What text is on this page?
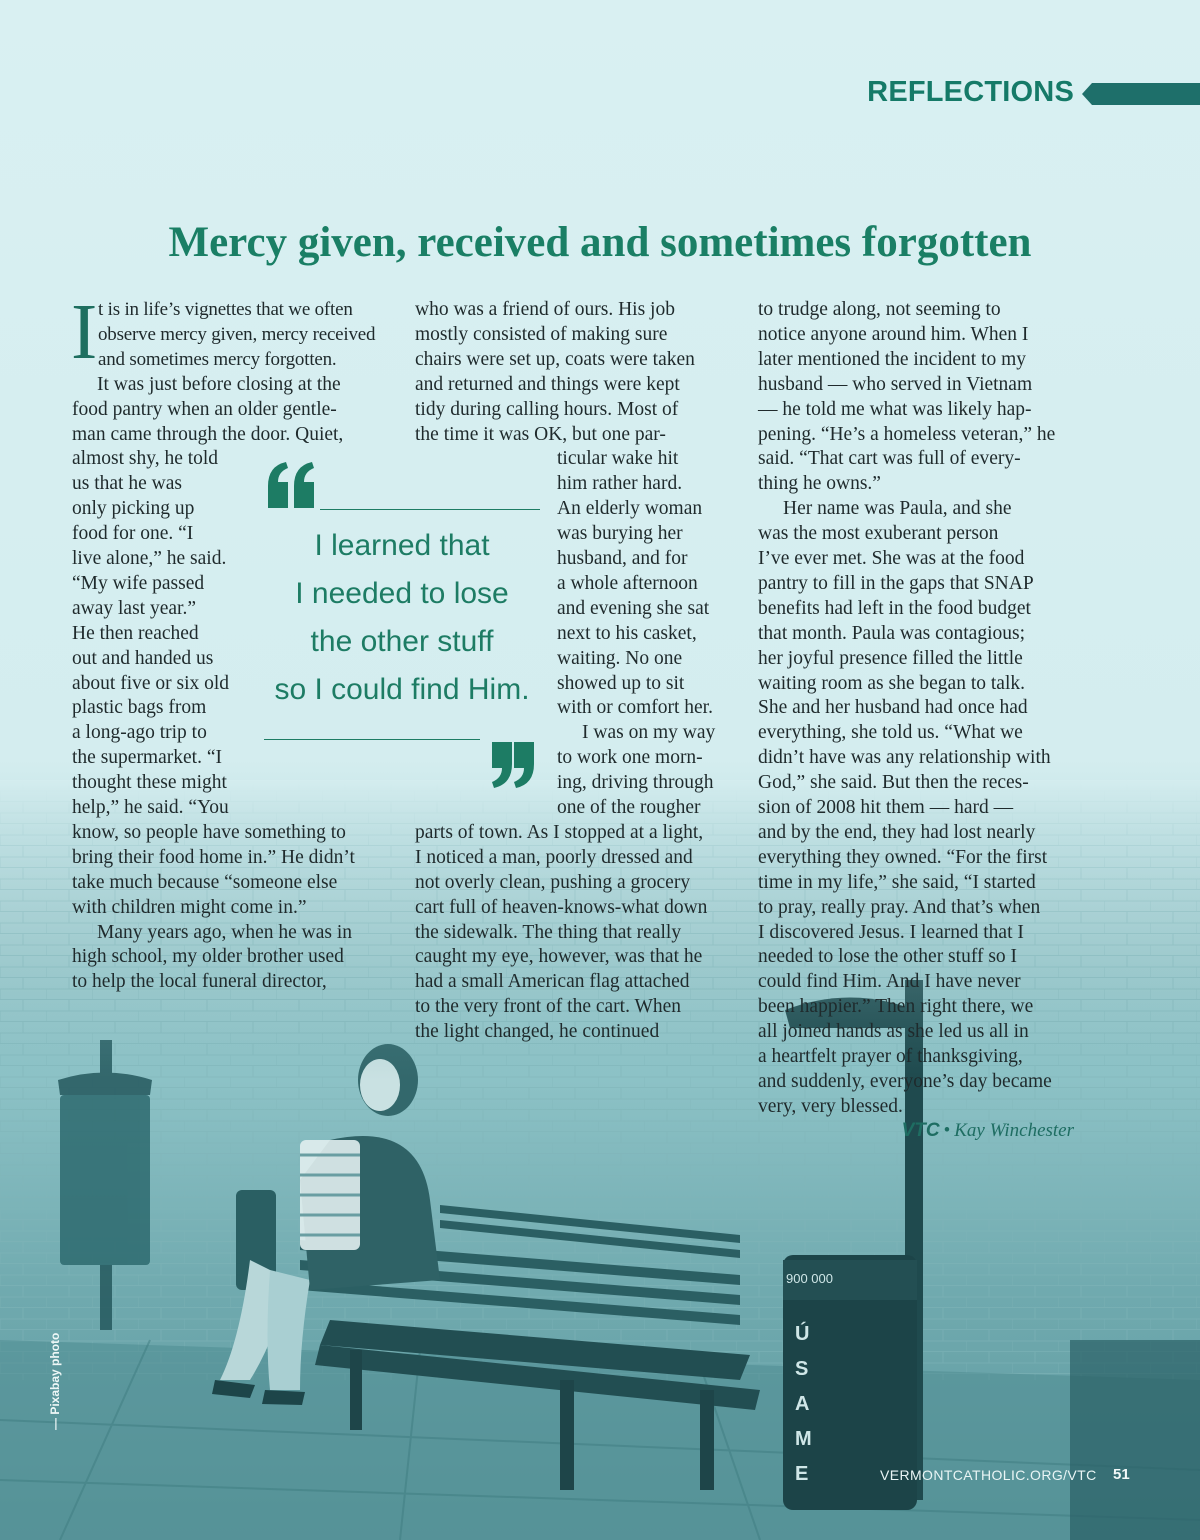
900 000
Ú
S
A
M
E
REFLECTIONS
Mercy given, received and sometimes forgotten
I t is in life’s vignettes that we often
observe mercy given, mercy received
and sometimes mercy forgotten.
It was just before closing at the
food pantry when an older gentle-
man came through the door. Quiet,
almost shy, he told
us that he was
only picking up
food for one. “I
live alone,” he said.
“My wife passed
away last year.”
He then reached
out and handed us
about five or six old
plastic bags from
a long-ago trip to
the supermarket. “I
thought these might
help,” he said. “You
know, so people have something to
bring their food home in.” He didn’t
take much because “someone else
with children might come in.”
Many years ago, when he was in
high school, my older brother used
to help the local funeral director,
who was a friend of ours. His job
mostly consisted of making sure
chairs were set up, coats were taken
and returned and things were kept
tidy during calling hours. Most of
the time it was OK, but one par-
ticular wake hit
him rather hard.
An elderly woman
was burying her
husband, and for
a whole afternoon
and evening she sat
next to his casket,
waiting. No one
showed up to sit
with or comfort her.
I was on my way
to work one morn-
ing, driving through
one of the rougher
parts of town. As I stopped at a light,
I noticed a man, poorly dressed and
not overly clean, pushing a grocery
cart full of heaven-knows-what down
the sidewalk. The thing that really
caught my eye, however, was that he
had a small American flag attached
to the very front of the cart. When
the light changed, he continued
to trudge along, not seeming to
notice anyone around him. When I
later mentioned the incident to my
husband — who served in Vietnam
— he told me what was likely hap-
pening. “He’s a homeless veteran,” he
said. “That cart was full of every-
thing he owns.”
Her name was Paula, and she
was the most exuberant person
I’ve ever met. She was at the food
pantry to fill in the gaps that SNAP
benefits had left in the food budget
that month. Paula was contagious;
her joyful presence filled the little
waiting room as she began to talk.
She and her husband had once had
everything, she told us. “What we
didn’t have was any relationship with
God,” she said. But then the reces-
sion of 2008 hit them — hard —
and by the end, they had lost nearly
everything they owned. “For the first
time in my life,” she said, “I started
to pray, really pray. And that’s when
I discovered Jesus. I learned that I
needed to lose the other stuff so I
could find Him. And I have never
been happier.” Then right there, we
all joined hands as she led us all in
a heartfelt prayer of thanksgiving,
and suddenly, everyone’s day became
very, very blessed.
I learned that
I needed to lose
the other stuff
so I could find Him.
VTC • Kay Winchester
— Pixabay photo
VERMONTCATHOLIC.ORG/VTC 51
